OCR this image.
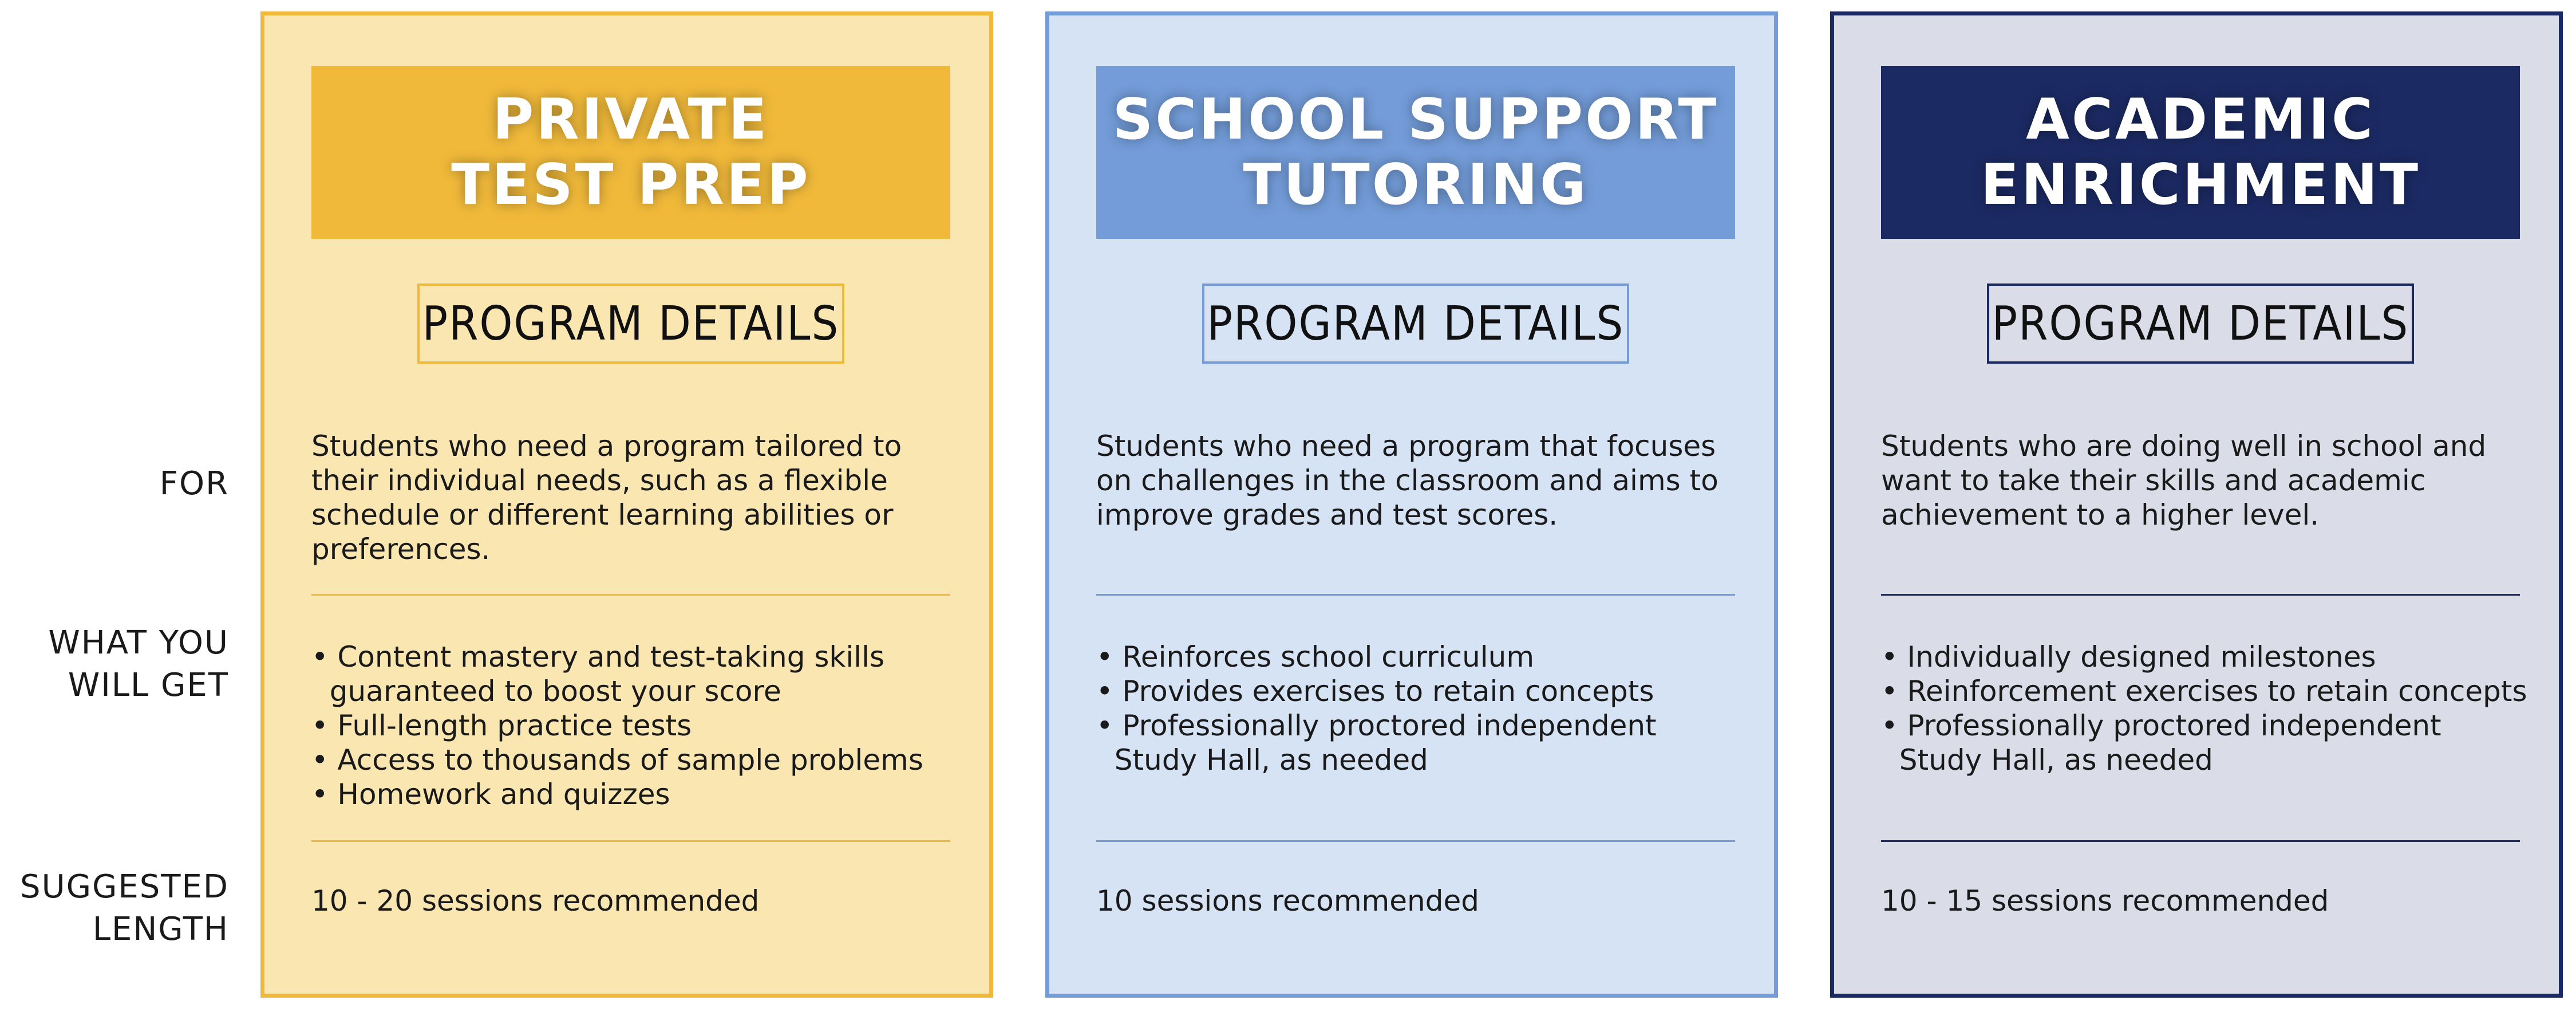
FOR
WHAT YOU
WILL GET
SUGGESTED
LENGTH
PRIVATE
TEST PREP
PROGRAM DETAILS
Students who need a program tailored to their individual needs, such as a flexible schedule or different learning abilities or preferences.
• Content mastery and test-taking skills
guaranteed to boost your score
• Full-length practice tests
• Access to thousands of sample problems
• Homework and quizzes
10 - 20 sessions recommended
SCHOOL SUPPORT
TUTORING
PROGRAM DETAILS
Students who need a program that focuses on challenges in the classroom and aims to improve grades and test scores.
• Reinforces school curriculum
• Provides exercises to retain concepts
• Professionally proctored independent
Study Hall, as needed
10 sessions recommended
ACADEMIC
ENRICHMENT
PROGRAM DETAILS
Students who are doing well in school and want to take their skills and academic achievement to a higher level.
• Individually designed milestones
• Reinforcement exercises to retain concepts
• Professionally proctored independent
Study Hall, as needed
10 - 15 sessions recommended
